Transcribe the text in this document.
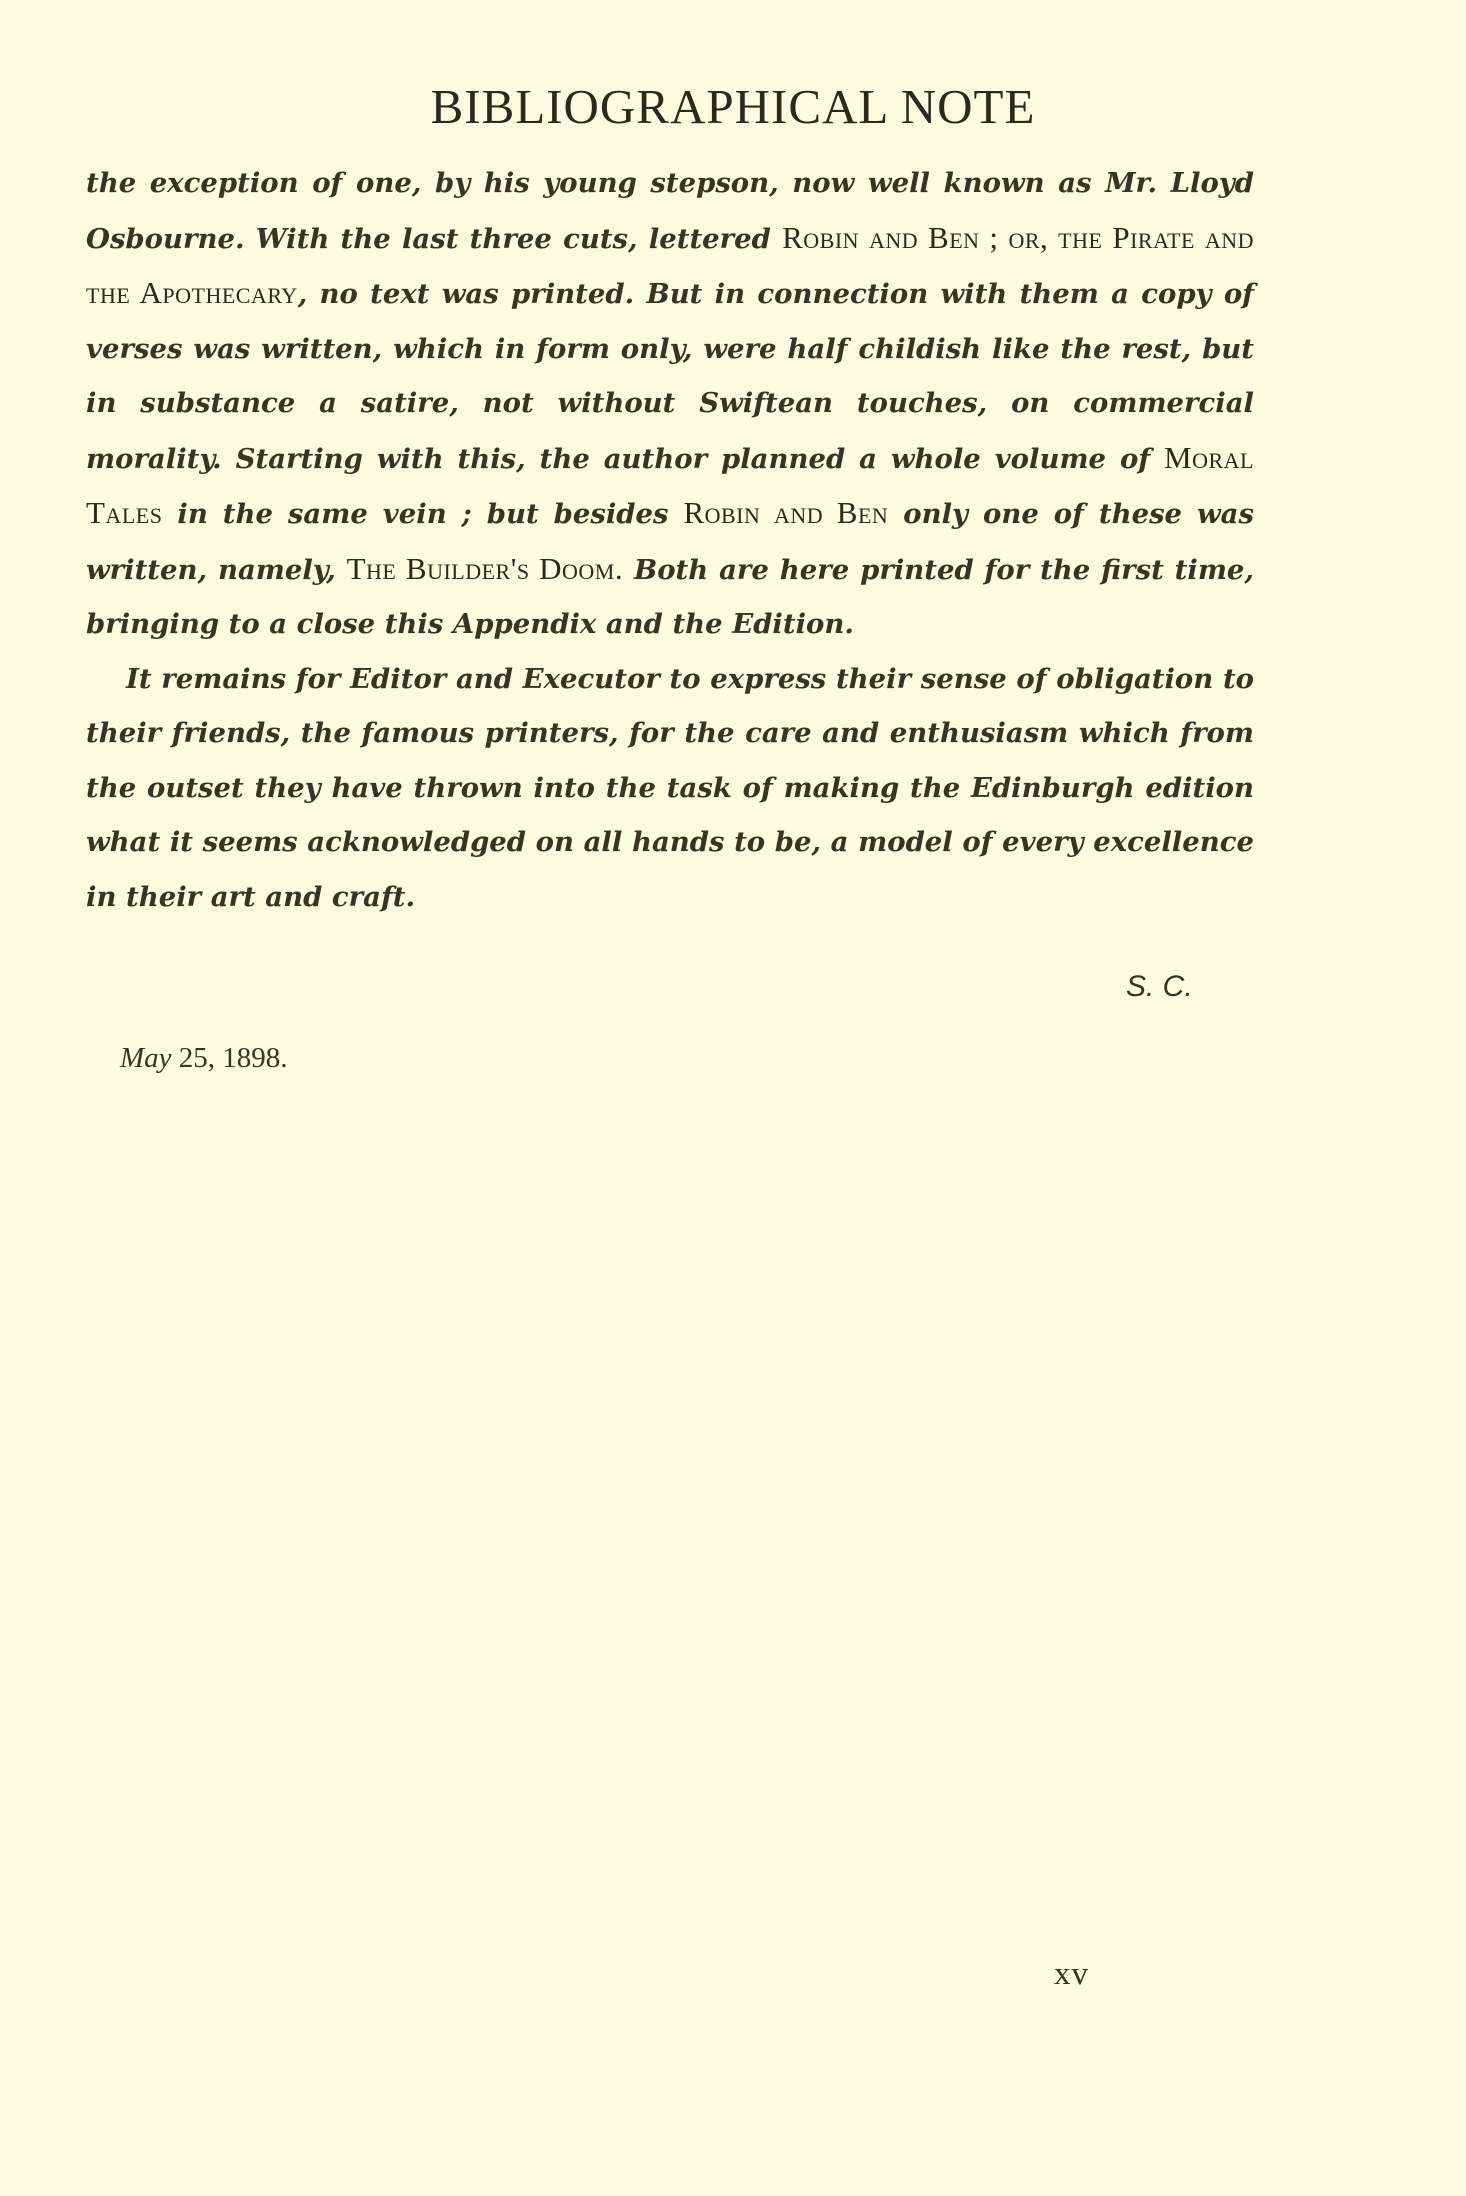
BIBLIOGRAPHICAL NOTE

the exception of one, by his young stepson, now well known as Mr. Lloyd Osbourne. With the last three cuts, lettered Robin and Ben ; or, the Pirate and the Apothecary, no text was printed. But in connection with them a copy of verses was written, which in form only, were half childish like the rest, but in substance a satire, not without Swiftean touches, on commercial morality. Starting with this, the author planned a whole volume of Moral Tales in the same vein ; but besides Robin and Ben only one of these was written, namely, The Builder's Doom. Both are here printed for the first time, bringing to a close this Appendix and the Edition.

It remains for Editor and Executor to express their sense of obligation to their friends, the famous printers, for the care and enthusiasm which from the outset they have thrown into the task of making the Edinburgh edition what it seems acknowledged on all hands to be, a model of every excellence in their art and craft.

S. C.
May 25, 1898.
xv
